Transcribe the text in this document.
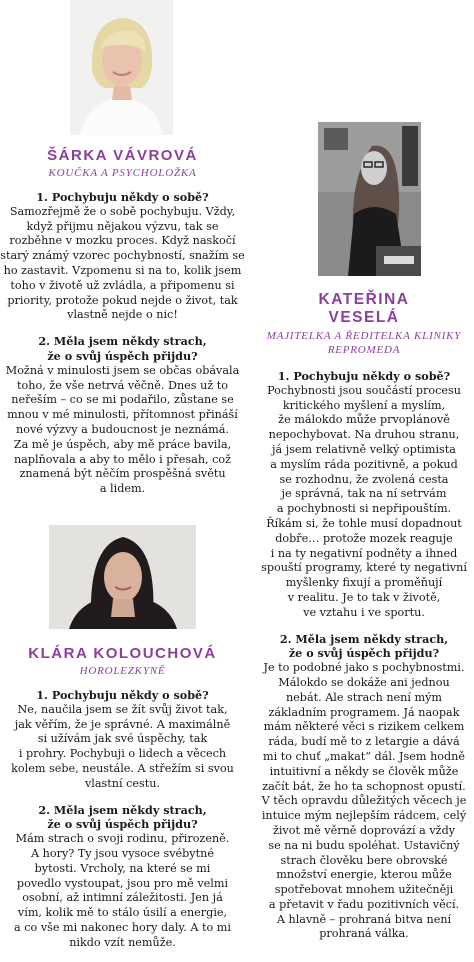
ŠÁRKA VÁVROVÁ

KOUČKA A PSYCHOLOŽKA

1. Pochybuju někdy o sobě?

Samozřejmě že o sobě pochybuju. Vždy,
když přijmu nějakou výzvu, tak se
rozběhne v mozku proces. Když naskočí
starý známý vzorec pochybností, snažím se
ho zastavit. Vzpomenu si na to, kolik jsem
toho v životě už zvládla, a připomenu si
priority, protože pokud nejde o život, tak
vlastně nejde o nic!

2. Měla jsem někdy strach,
že o svůj úspěch přijdu?

Možná v minulosti jsem se občas obávala
toho, že vše netrvá věčně. Dnes už to
neřeším – co se mi podařilo, zůstane se
mnou v mé minulosti, přítomnost přináší
nové výzvy a budoucnost je neznámá.
Za mě je úspěch, aby mě práce bavila,
naplňovala a aby to mělo i přesah, což
znamená být něčím prospěšná světu
a lidem.

KLÁRA KOLOUCHOVÁ

HOROLEZKYNĚ

1. Pochybuju někdy o sobě?

Ne, naučila jsem se žít svůj život tak,
jak věřím, že je správné. A maximálně
si užívám jak své úspěchy, tak
i prohry. Pochybuji o lidech a věcech
kolem sebe, neustále. A střežím si svou
vlastní cestu.

2. Měla jsem někdy strach,
že o svůj úspěch přijdu?

Mám strach o svoji rodinu, přirozeně.
A hory? Ty jsou vysoce svébytné
bytosti. Vrcholy, na které se mi
povedlo vystoupat, jsou pro mě velmi
osobní, až intimní záležitosti. Jen já
vím, kolik mě to stálo úsilí a energie,
a co vše mi nakonec hory daly. A to mi
nikdo vzít nemůže.

KATEŘINA
VESELÁ

MAJITELKA A ŘEDITELKA KLINIKY
REPROMEDA

1. Pochybuju někdy o sobě?

Pochybnosti jsou součástí procesu
kritického myšlení a myslím,
že málokdo může prvoplánově
nepochybovat. Na druhou stranu,
já jsem relativně velký optimista
a myslím ráda pozitivně, a pokud
se rozhodnu, že zvolená cesta
je správná, tak na ní setrvám
a pochybnosti si nepřipouštím.
Říkám si, že tohle musí dopadnout
dobře… protože mozek reaguje
i na ty negativní podněty a ihned
spouští programy, které ty negativní
myšlenky fixují a proměňují
v realitu. Je to tak v životě,
ve vztahu i ve sportu.

2. Měla jsem někdy strach,
že o svůj úspěch přijdu?

Je to podobné jako s pochybnostmi.
Málokdo se dokáže ani jednou
nebát. Ale strach není mým
základním programem. Já naopak
mám některé věci s rizikem celkem
ráda, budí mě to z letargie a dává
mi to chuť „makat“ dál. Jsem hodně
intuitivní a někdy se člověk může
začít bát, že ho ta schopnost opustí.
V těch opravdu důležitých věcech je
intuice mým nejlepším rádcem, celý
život mě věrně doprovází a vždy
se na ni budu spoléhat. Ustavičný
strach člověku bere obrovské
množství energie, kterou může
spotřebovat mnohem užitečněji
a přetavit v řadu pozitivních věcí.
A hlavně – prohraná bitva není
prohraná válka.
